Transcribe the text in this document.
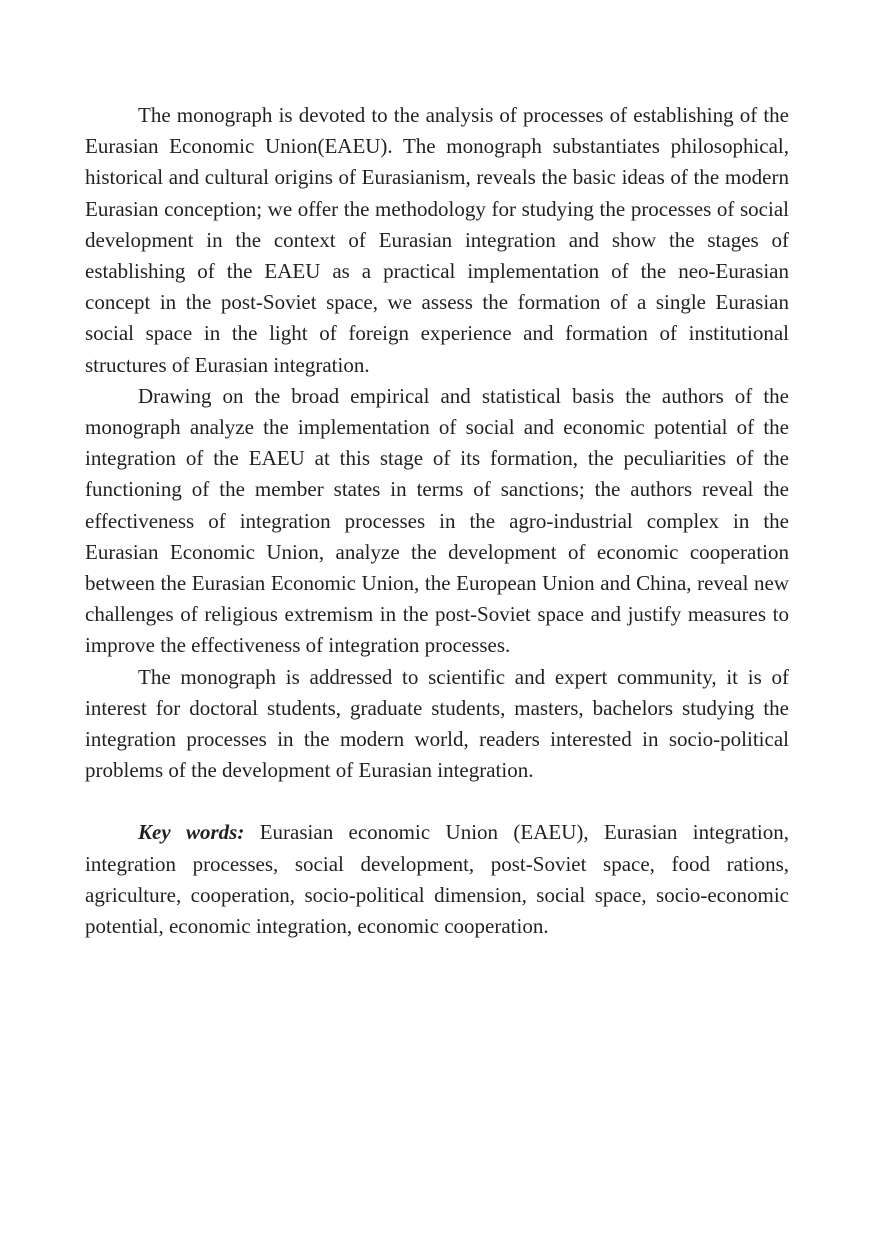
The monograph is devoted to the analysis of processes of establishing of the Eurasian Economic Union(EAEU). The monograph substantiates philosophical, historical and cultural origins of Eurasianism, reveals the basic ideas of the modern Eurasian conception; we offer the methodology for studying the processes of social development in the context of Eurasian integration and show the stages of establishing of the EAEU as a practical implementation of the neo-Eurasian concept in the post-Soviet space, we assess the formation of a single Eurasian social space in the light of foreign experience and formation of institutional structures of Eurasian integration.

Drawing on the broad empirical and statistical basis the authors of the monograph analyze the implementation of social and economic potential of the integration of the EAEU at this stage of its formation, the peculiarities of the functioning of the member states in terms of sanctions; the authors reveal the effectiveness of integration processes in the agro-industrial complex in the Eurasian Economic Union, analyze the development of economic cooperation between the Eurasian Economic Union, the European Union and China, reveal new challenges of religious extremism in the post-Soviet space and justify measures to improve the effectiveness of integration processes.

The monograph is addressed to scientific and expert community, it is of interest for doctoral students, graduate students, masters, bachelors studying the integration processes in the modern world, readers interested in socio-political problems of the development of Eurasian integration.

Key words: Eurasian economic Union (EAEU), Eurasian integration, integration processes, social development, post-Soviet space, food rations, agriculture, cooperation, socio-political dimension, social space, socio-economic potential, economic integration, economic cooperation.
